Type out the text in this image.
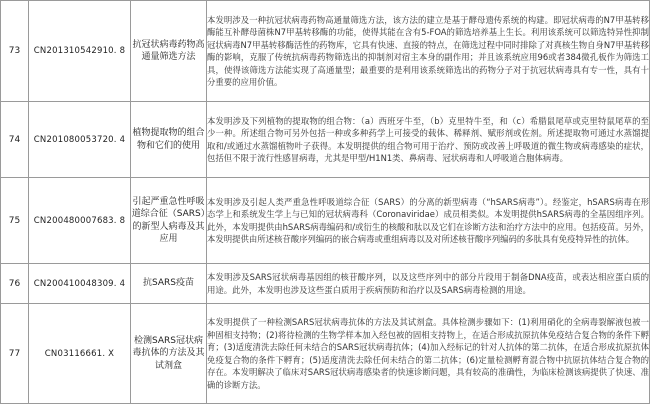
73	CN201310542910. 8	抗冠状病毒药物高通量筛选方法	本发明涉及一种抗冠状病毒药物高通量筛选方法，该方法的建立是基于酵母遗传系统的构建。即冠状病毒的N7甲基转移酶能互补酵母菌株N7甲基转移酶的功能，使得其能在含有5-FOA的筛选培养基上生长。利用该系统可以筛选特异性抑制冠状病毒N7甲基转移酶活性的药物库，它具有快速、直接的特点，在筛选过程中同时排除了对真核生物自身N7甲基转移酶的影响，克服了传统抗病毒药物筛选出的抑制剂对宿主本身的副作用；并且该系统应用96或者384微孔板作为筛选工具，使得该筛选方法能实现了高通量型；最重要的是利用该系统筛选出的药物分子对于抗冠状病毒具有专一性，具有十分重要的应用价值。
74	CN201080053720. 4	植物提取物的组合物和它们的使用	本发明涉及下列植物的提取物的组合物：（a）西班牙牛至，（b）克里特牛至，和（c）希腊鼠尾草或克里特鼠尾草的至少一种。所述组合物可另外包括一种或多种药学上可接受的载体、稀释剂、赋形剂或佐剂。所述提取物可通过水蒸馏提取和/或通过水蒸馏植物叶子获得。本发明提供的组合物可用于治疗、预防或改善上呼吸道的微生物或病毒感染的症状，包括但不限于流行性感冒病毒，尤其是甲型/H1N1类、鼻病毒、冠状病毒和人呼吸道合胞体病毒。
75	CN200480007683. 8	引起严重急性呼吸道综合征（SARS）的新型人病毒及其应用	本发明涉及引起人类严重急性呼吸道综合征（SARS）的分离的新型病毒（“hSARS病毒”）。经鉴定，hSARS病毒在形态学上和系统发生学上与已知的冠状病毒科（Coronaviridae）成员相类似。本发明提供hSARS病毒的全基因组序列。此外，本发明提供由hSARS病毒编码和/或衍生的核酸和肽以及它们在诊断方法和治疗方法中的应用。包括疫苗。另外，本发明提供由所述核苷酸序列编码的嵌合病毒或重组病毒以及对所述核苷酸序列编码的多肽具有免疫特异性的抗体。
76	CN200410048309. 4	抗SARS疫苗	本发明涉及SARS冠状病毒基因组的核苷酸序列，以及这些序列中的部分片段用于制备DNA疫苗，或表达相应蛋白质的用途。此外，本发明也涉及这些蛋白质用于疾病预防和治疗以及SARS病毒检测的用途。
77	CN03116661. X	检测SARS冠状病毒抗体的方法及其试剂盒	本发明提供了一种检测SARS冠状病毒抗体的方法及其试剂盒。具体检测步骤如下：(1)利用硝化的全病毒裂解液包被一种固相支持物；(2)将待检测的生物学样本加入经包被的固相支持物上，在适合形成抗原抗体免疫结合复合物的条件下孵育；(3)适度清洗去除任何未结合的SARS冠状病毒抗体；(4)加入经标记的针对人抗体的第二抗体，在适合形成抗原抗体免疫复合物的条件下孵育；(5)适度清洗去除任何未结合的第二抗体；(6)定量检测孵育混合物中抗原抗体结合复合物的存在。本发明解决了临床对SARS冠状病毒感染者的快速诊断问题，具有较高的准确性，为临床检测该病提供了快速、准确的诊断方法。
